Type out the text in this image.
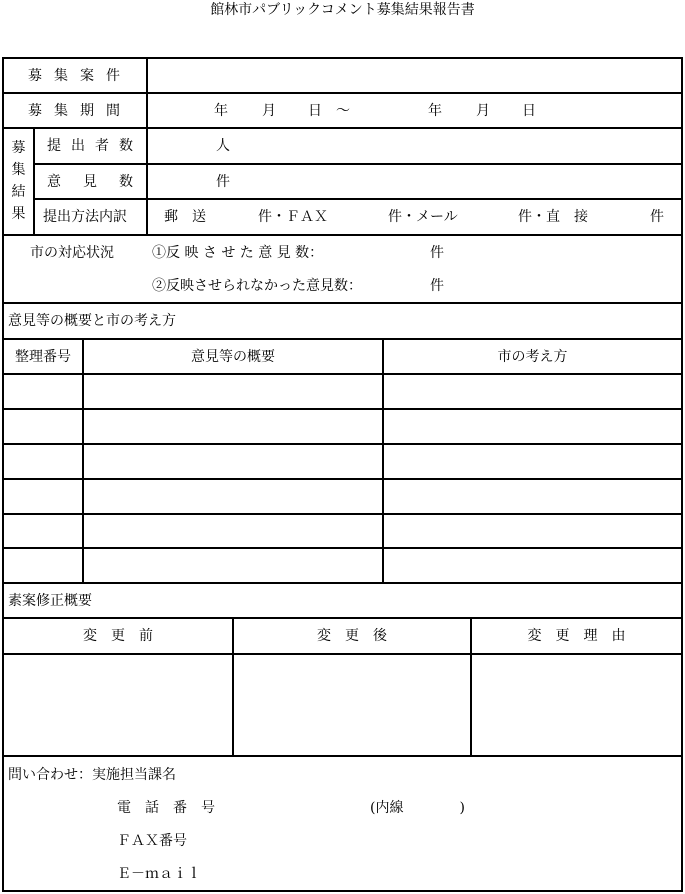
館林市パブリックコメント募集結果報告書
募 集 案 件
募 集 期 間	年 月 日 ～	年 月 日
募
集
結
果
提 出 者 数	人
意 見 数	件
提出方法内訳	郵　送	件・ＦＡＸ	件・メール	件・直　接	件
市の対応状況	①反 映 さ せ た 意 見 数：	件
②反映させられなかった意見数：	件
意見等の概要と市の考え方
整理番号	意見等の概要	市の考え方
素案修正概要
変　更　前	変　更　後	変　更　理　由
問い合わせ：実施担当課名
電　話　番　号	(内線　　　　)
ＦＡＸ番号
Ｅ－ｍａｉｌ
